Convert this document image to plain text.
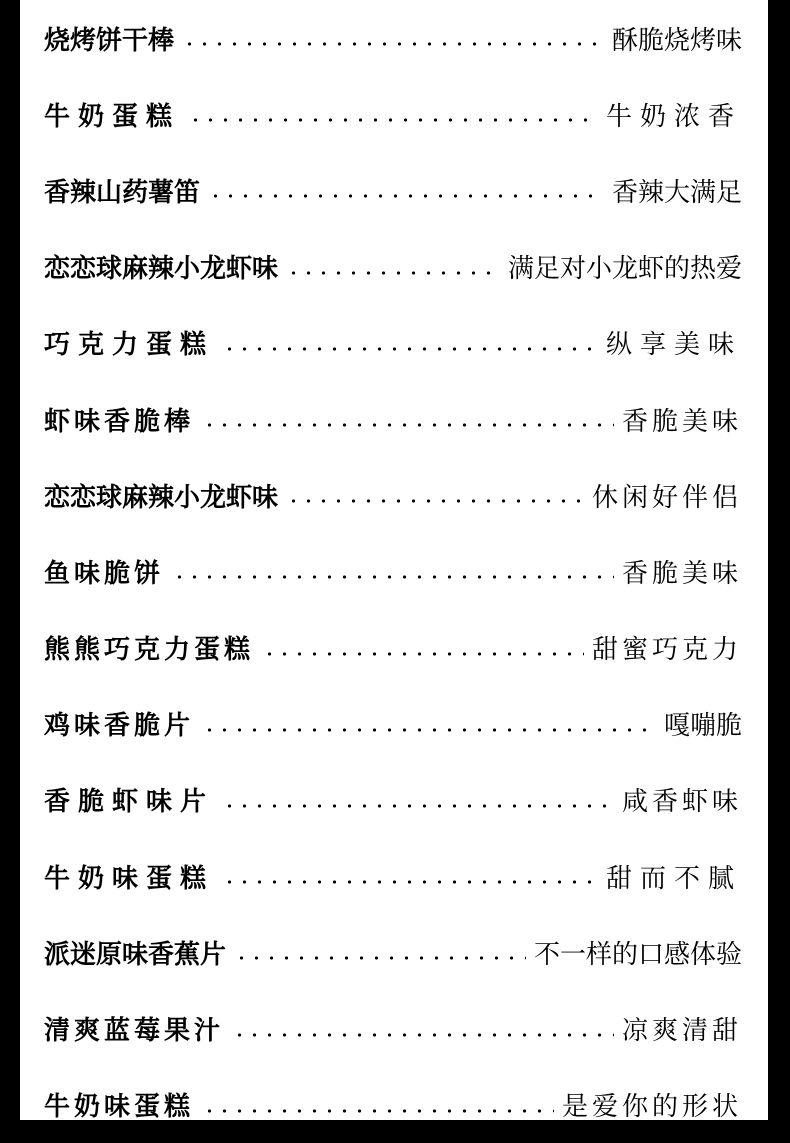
烧烤饼干棒	酥脆烧烤味
牛奶蛋糕	牛奶浓香
香辣山药薯笛	香辣大满足
恋恋球麻辣小龙虾味	满足对小龙虾的热爱
巧克力蛋糕	纵享美味
虾味香脆棒	香脆美味
恋恋球麻辣小龙虾味	休闲好伴侣
鱼味脆饼	香脆美味
熊熊巧克力蛋糕	甜蜜巧克力
鸡味香脆片	嘎嘣脆
香脆虾味片	咸香虾味
牛奶味蛋糕	甜而不腻
派迷原味香蕉片	不一样的口感体验
清爽蓝莓果汁	凉爽清甜
牛奶味蛋糕	是爱你的形状
